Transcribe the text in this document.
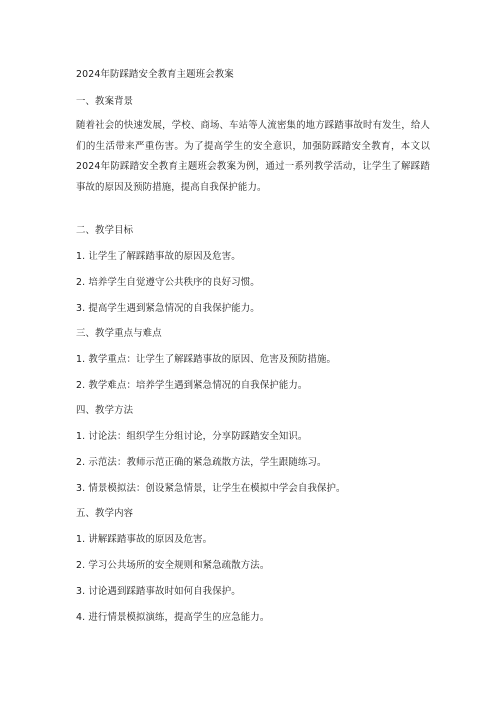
2024年防踩踏安全教育主题班会教案
一、教案背景
随着社会的快速发展，学校、商场、车站等人流密集的地方踩踏事故时有发生，给人们的生活带来严重伤害。为了提高学生的安全意识，加强防踩踏安全教育，本文以2024年防踩踏安全教育主题班会教案为例，通过一系列教学活动，让学生了解踩踏事故的原因及预防措施，提高自我保护能力。
二、教学目标
1. 让学生了解踩踏事故的原因及危害。
2. 培养学生自觉遵守公共秩序的良好习惯。
3. 提高学生遇到紧急情况的自我保护能力。
三、教学重点与难点
1. 教学重点：让学生了解踩踏事故的原因、危害及预防措施。
2. 教学难点：培养学生遇到紧急情况的自我保护能力。
四、教学方法
1. 讨论法：组织学生分组讨论，分享防踩踏安全知识。
2. 示范法：教师示范正确的紧急疏散方法，学生跟随练习。
3. 情景模拟法：创设紧急情景，让学生在模拟中学会自我保护。
五、教学内容
1. 讲解踩踏事故的原因及危害。
2. 学习公共场所的安全规则和紧急疏散方法。
3. 讨论遇到踩踏事故时如何自我保护。
4. 进行情景模拟演练，提高学生的应急能力。
